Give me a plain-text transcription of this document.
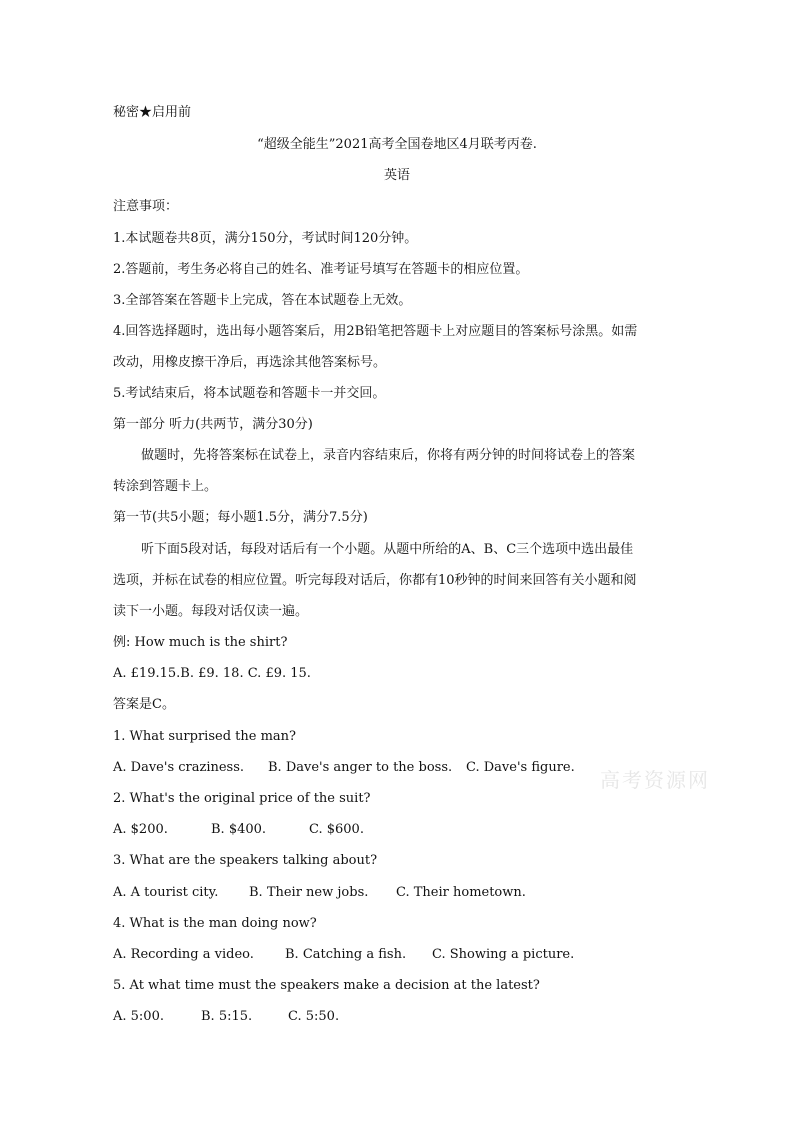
秘密★启用前
“超级全能生”2021高考全国卷地区4月联考丙卷.
英语
注意事项：
1.本试题卷共8页，满分150分，考试时间120分钟。
2.答题前，考生务必将自己的姓名、准考证号填写在答题卡的相应位置。
3.全部答案在答题卡上完成，答在本试题卷上无效。
4.回答选择题时，选出每小题答案后，用2B铅笔把答题卡上对应题目的答案标号涂黑。如需
改动，用橡皮擦干净后，再选涂其他答案标号。
5.考试结束后，将本试题卷和答题卡一并交回。
第一部分 听力(共两节，满分30分)
做题时，先将答案标在试卷上，录音内容结束后，你将有两分钟的时间将试卷上的答案
转涂到答题卡上。
第一节(共5小题；每小题1.5分，满分7.5分)
听下面5段对话，每段对话后有一个小题。从题中所给的A、B、C三个选项中选出最佳
选项，并标在试卷的相应位置。听完每段对话后，你都有10秒钟的时间来回答有关小题和阅
读下一小题。每段对话仅读一遍。
例: How much is the shirt?
A. £19.15.B. £9. 18. C. £9. 15.
答案是C。
1. What surprised the man?
A. Dave's craziness. B. Dave's anger to the boss. C. Dave's figure.
2. What's the original price of the suit?
A. $200.	B. $400.	C. $600.
3. What are the speakers talking about?
A. A tourist city. B. Their new jobs. C. Their hometown.
4. What is the man doing now?
A. Recording a video. B. Catching a fish. C. Showing a picture.
5. At what time must the speakers make a decision at the latest?
A. 5:00.	B. 5:15.	C. 5:50.
高考资源网
